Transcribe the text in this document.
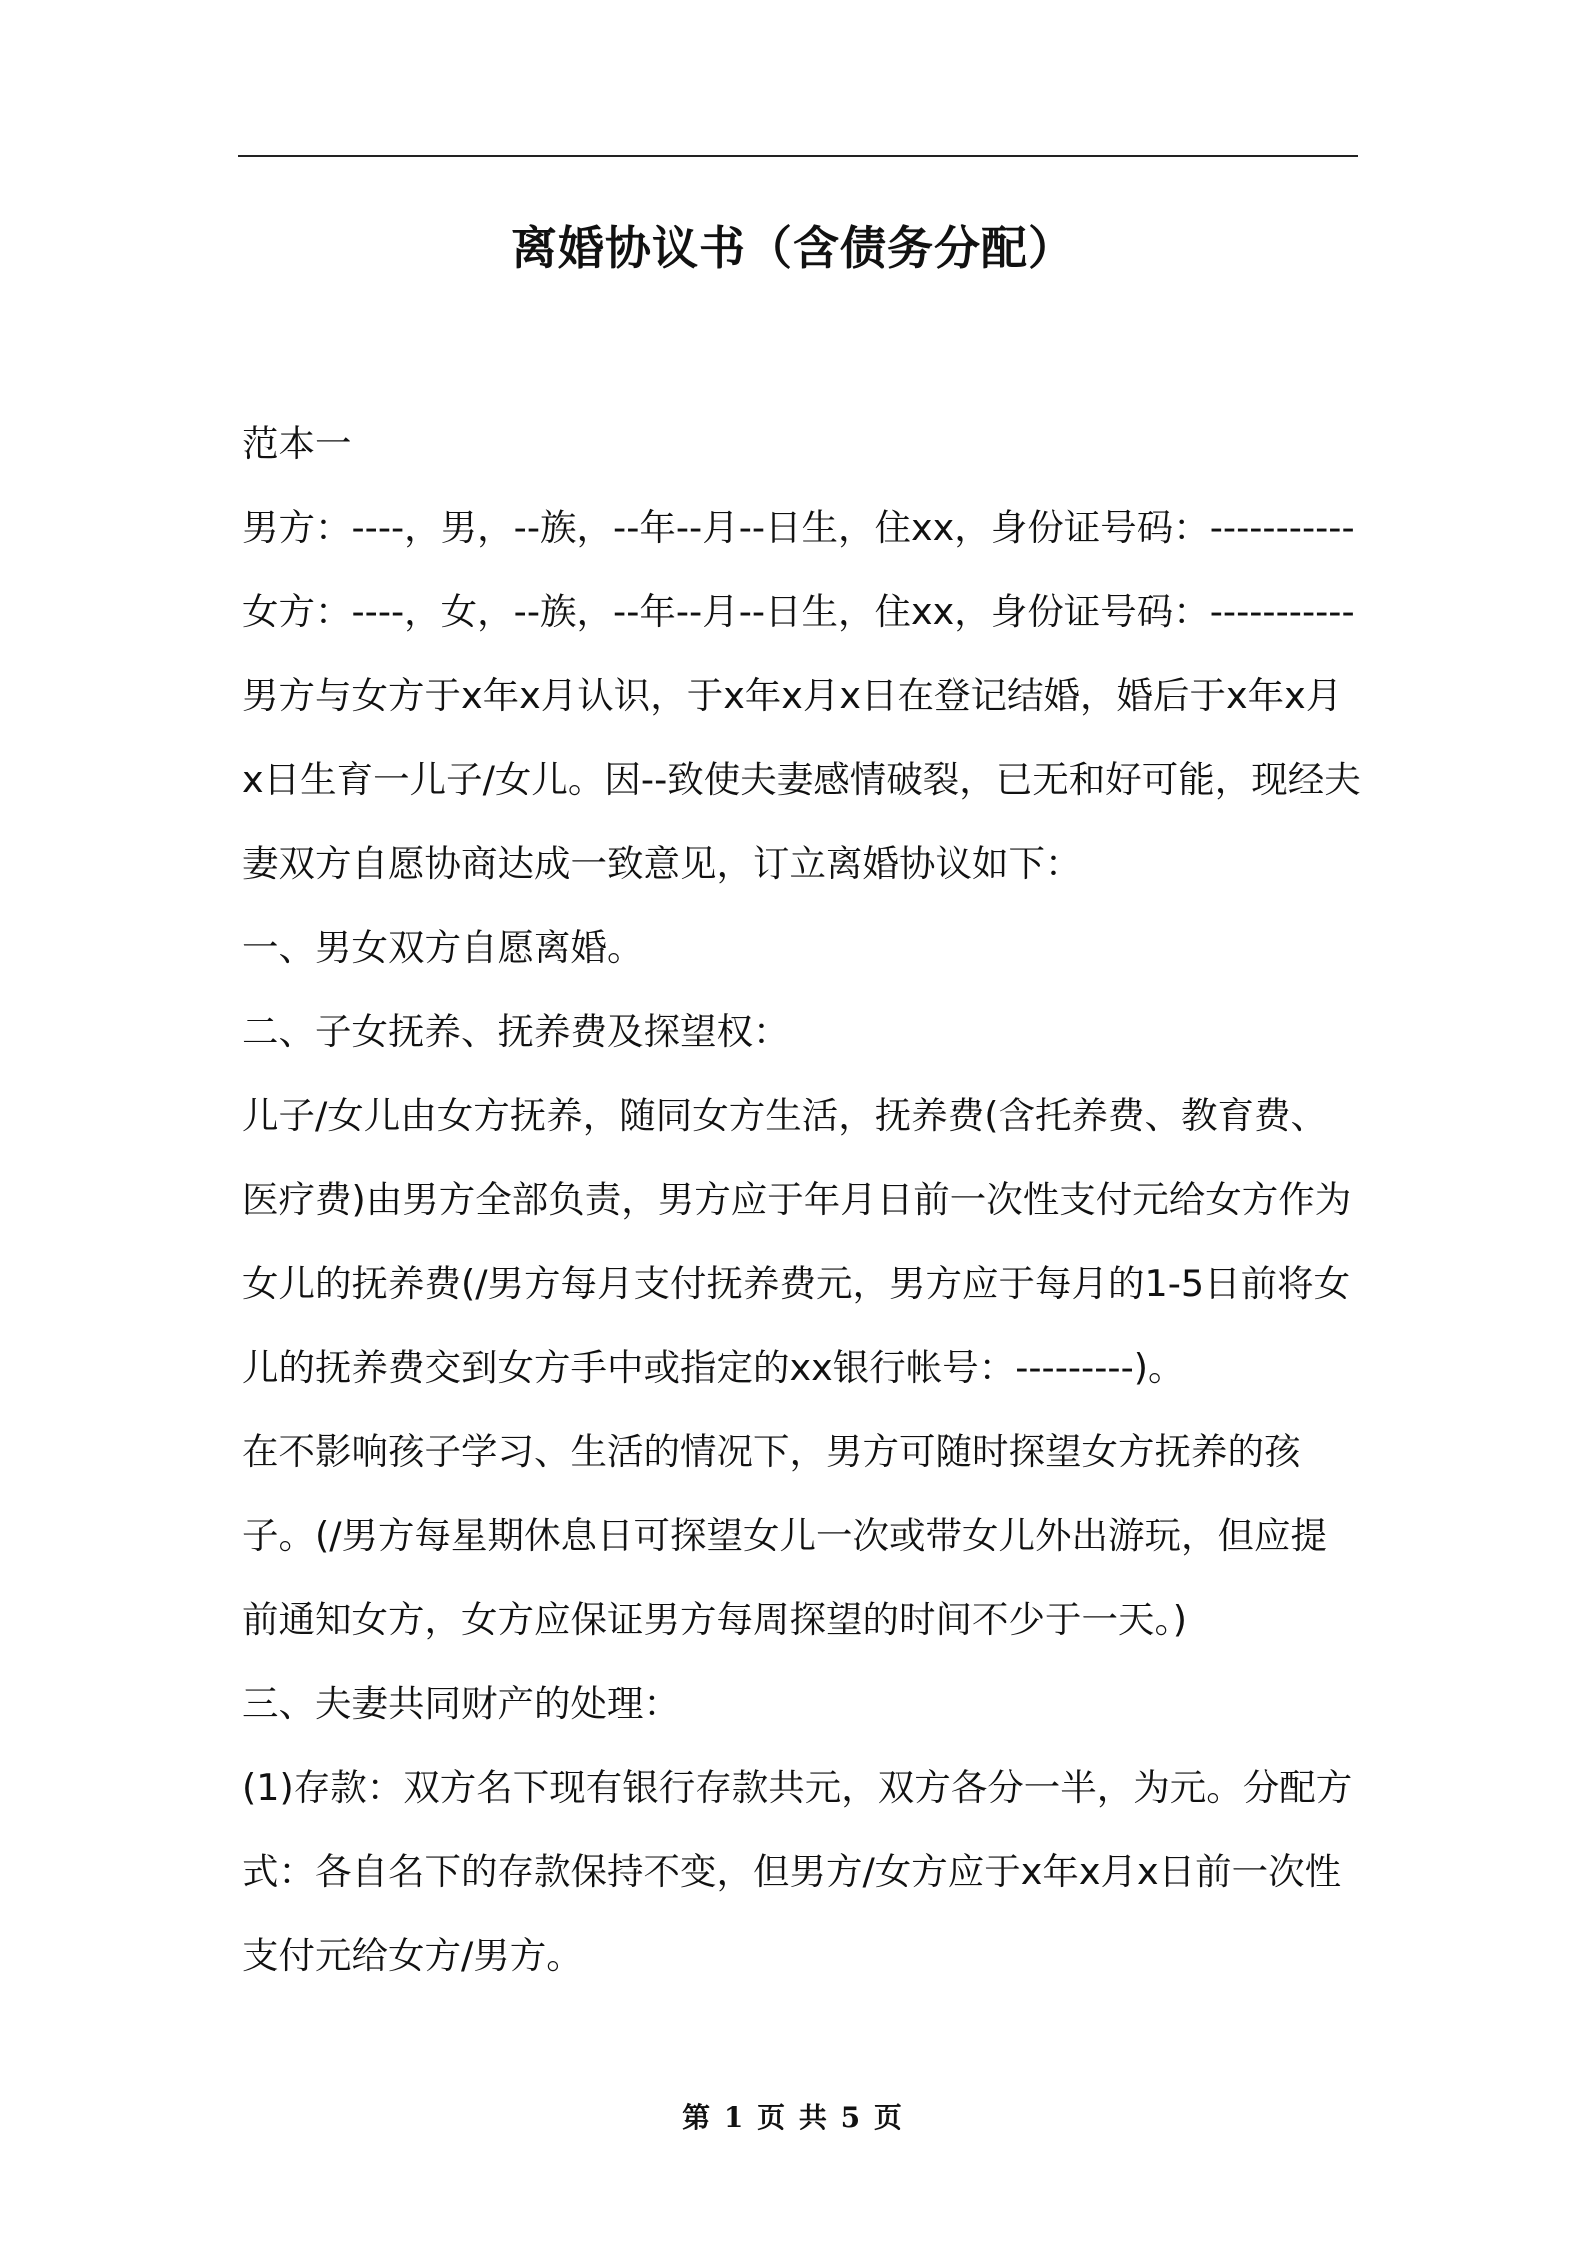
离婚协议书（含债务分配）

范本一

男方：----，男，--族，--年--月--日生，住xx，身份证号码：-----------

女方：----，女，--族，--年--月--日生，住xx，身份证号码：-----------

男方与女方于x年x月认识，于x年x月x日在登记结婚，婚后于x年x月x日生育一儿子/女儿。因--致使夫妻感情破裂，已无和好可能，现经夫妻双方自愿协商达成一致意见，订立离婚协议如下：

一、男女双方自愿离婚。

二、子女抚养、抚养费及探望权：

儿子/女儿由女方抚养，随同女方生活，抚养费(含托养费、教育费、医疗费)由男方全部负责，男方应于年月日前一次性支付元给女方作为女儿的抚养费(/男方每月支付抚养费元，男方应于每月的1-5日前将女儿的抚养费交到女方手中或指定的xx银行帐号：---------)。

在不影响孩子学习、生活的情况下，男方可随时探望女方抚养的孩子。(/男方每星期休息日可探望女儿一次或带女儿外出游玩，但应提前通知女方，女方应保证男方每周探望的时间不少于一天。)

三、夫妻共同财产的处理：

(1)存款：双方名下现有银行存款共元，双方各分一半，为元。分配方式：各自名下的存款保持不变，但男方/女方应于x年x月x日前一次性支付元给女方/男方。

第 1 页 共 5 页
